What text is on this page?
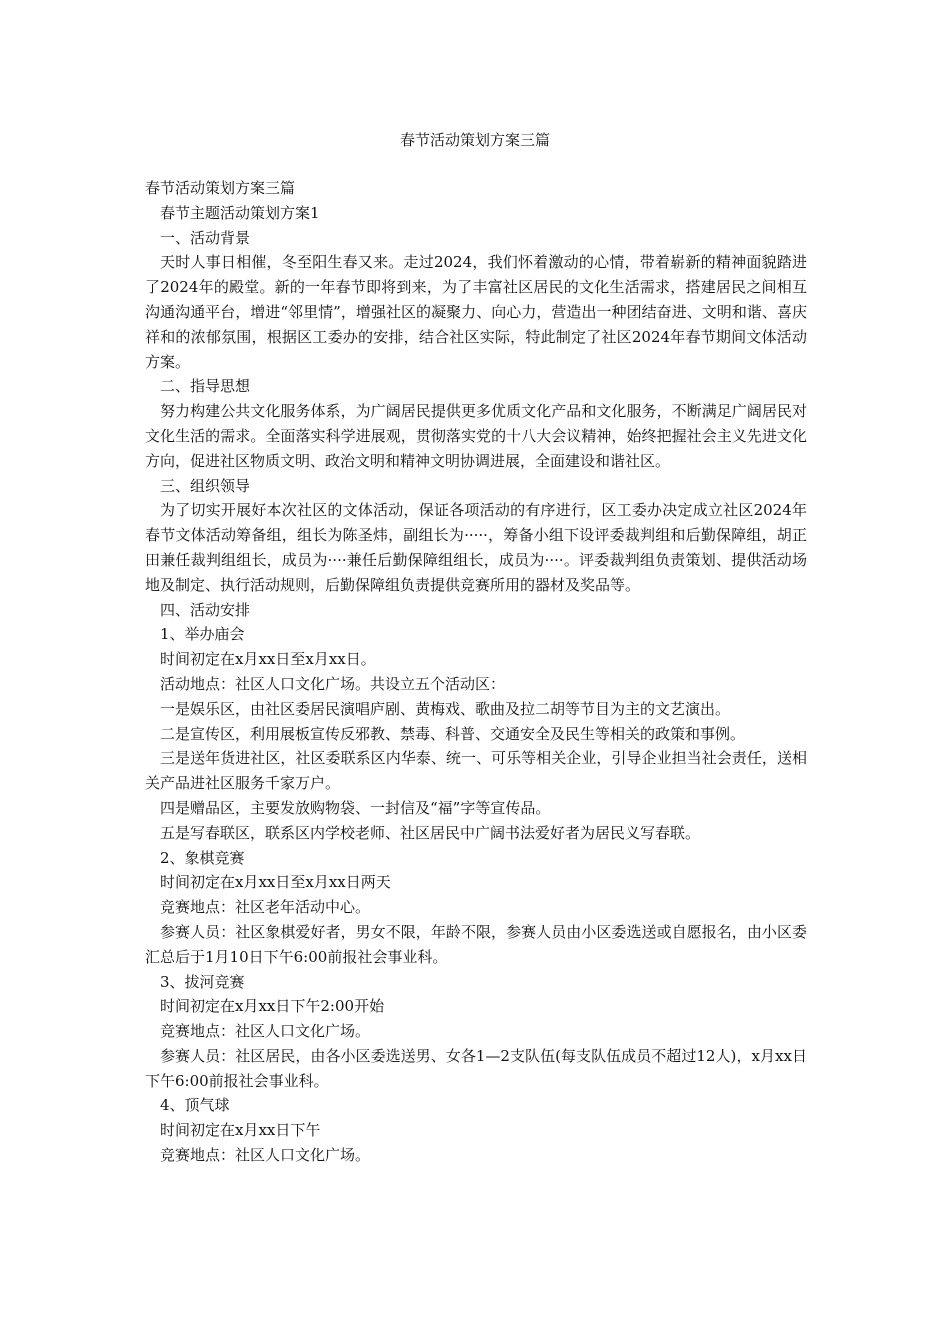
春节活动策划方案三篇

春节活动策划方案三篇

春节主题活动策划方案1

一、活动背景

天时人事日相催，冬至阳生春又来。走过2024，我们怀着激动的心情，带着崭新的精神面貌踏进了2024年的殿堂。新的一年春节即将到来，为了丰富社区居民的文化生活需求，搭建居民之间相互沟通沟通平台，增进“邻里情”，增强社区的凝聚力、向心力，营造出一种团结奋进、文明和谐、喜庆祥和的浓郁氛围，根据区工委办的安排，结合社区实际，特此制定了社区2024年春节期间文体活动方案。

二、指导思想

努力构建公共文化服务体系，为广阔居民提供更多优质文化产品和文化服务，不断满足广阔居民对文化生活的需求。全面落实科学进展观，贯彻落实党的十八大会议精神，始终把握社会主义先进文化方向，促进社区物质文明、政治文明和精神文明协调进展，全面建设和谐社区。

三、组织领导

为了切实开展好本次社区的文体活动，保证各项活动的有序进行，区工委办决定成立社区2024年春节文体活动筹备组，组长为陈圣炜，副组长为·····，筹备小组下设评委裁判组和后勤保障组，胡正田兼任裁判组组长，成员为····兼任后勤保障组组长，成员为····。评委裁判组负责策划、提供活动场地及制定、执行活动规则，后勤保障组负责提供竞赛所用的器材及奖品等。

四、活动安排

1、举办庙会

时间初定在x月xx日至x月xx日。

活动地点：社区人口文化广场。共设立五个活动区：

一是娱乐区，由社区委居民演唱庐剧、黄梅戏、歌曲及拉二胡等节目为主的文艺演出。

二是宣传区，利用展板宣传反邪教、禁毒、科普、交通安全及民生等相关的政策和事例。

三是送年货进社区，社区委联系区内华泰、统一、可乐等相关企业，引导企业担当社会责任，送相关产品进社区服务千家万户。

四是赠品区，主要发放购物袋、一封信及“福”字等宣传品。

五是写春联区，联系区内学校老师、社区居民中广阔书法爱好者为居民义写春联。

2、象棋竞赛

时间初定在x月xx日至x月xx日两天

竞赛地点：社区老年活动中心。

参赛人员：社区象棋爱好者，男女不限，年龄不限，参赛人员由小区委选送或自愿报名，由小区委汇总后于1月10日下午6:00前报社会事业科。

3、拔河竞赛

时间初定在x月xx日下午2:00开始

竞赛地点：社区人口文化广场。

参赛人员：社区居民，由各小区委选送男、女各1—2支队伍(每支队伍成员不超过12人)，x月xx日下午6:00前报社会事业科。

4、顶气球

时间初定在x月xx日下午

竞赛地点：社区人口文化广场。
